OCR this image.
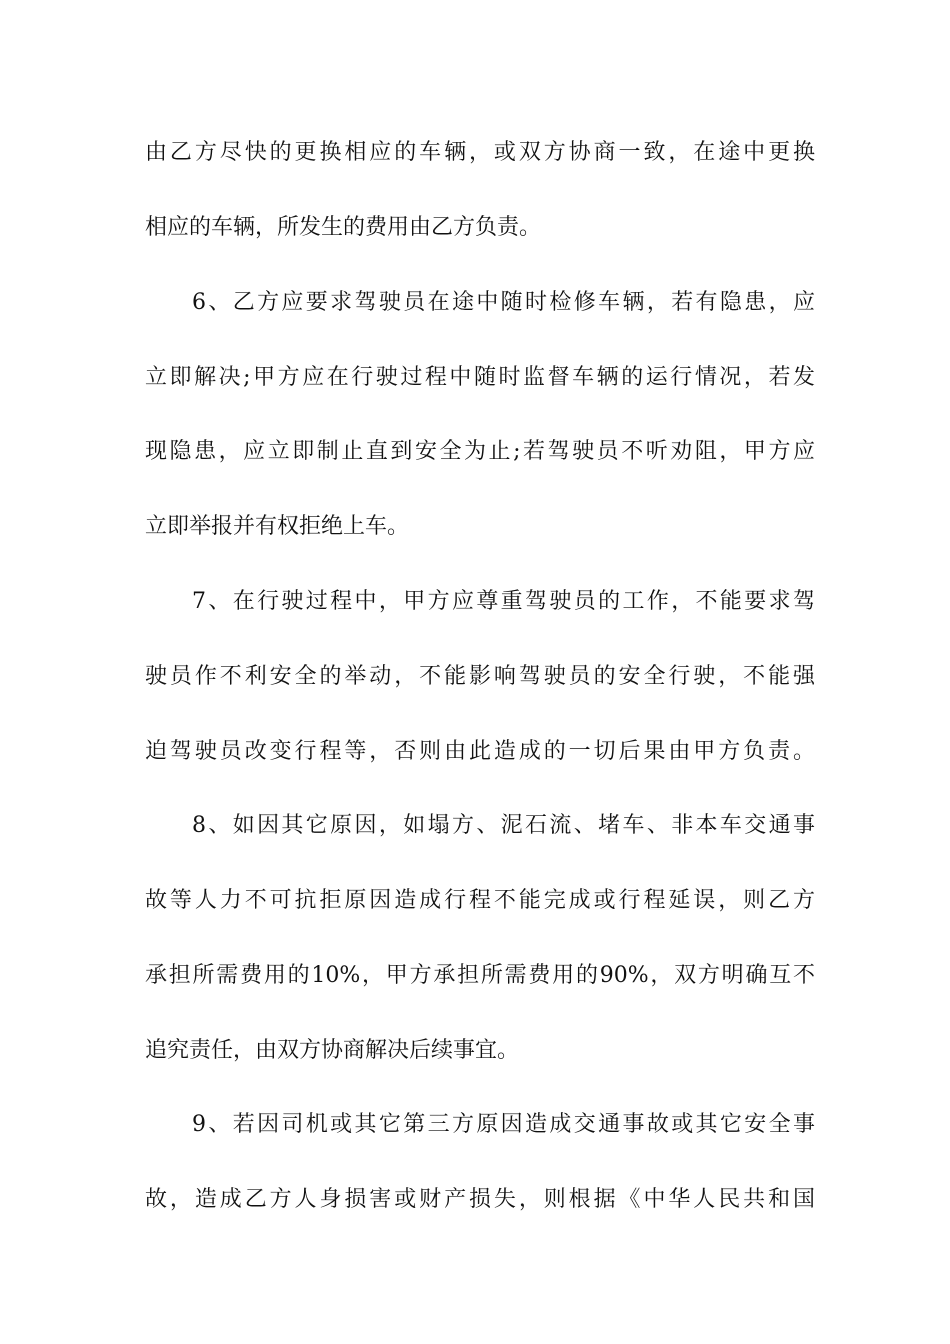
由乙方尽快的更换相应的车辆，或双方协商一致，在途中更换
相应的车辆，所发生的费用由乙方负责。
6、乙方应要求驾驶员在途中随时检修车辆，若有隐患，应
立即解决;甲方应在行驶过程中随时监督车辆的运行情况，若发
现隐患，应立即制止直到安全为止;若驾驶员不听劝阻，甲方应
立即举报并有权拒绝上车。
7、在行驶过程中，甲方应尊重驾驶员的工作，不能要求驾
驶员作不利安全的举动，不能影响驾驶员的安全行驶，不能强
迫驾驶员改变行程等，否则由此造成的一切后果由甲方负责。
8、如因其它原因，如塌方、泥石流、堵车、非本车交通事
故等人力不可抗拒原因造成行程不能完成或行程延误，则乙方
承担所需费用的10%，甲方承担所需费用的90%，双方明确互不
追究责任，由双方协商解决后续事宜。
9、若因司机或其它第三方原因造成交通事故或其它安全事
故，造成乙方人身损害或财产损失，则根据《中华人民共和国
